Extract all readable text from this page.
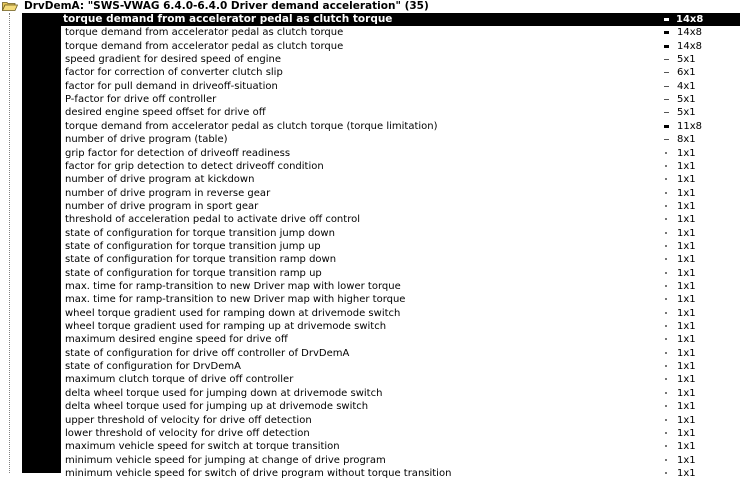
DrvDemA: "SWS-VWAG 6.4.0-6.4.0 Driver demand acceleration" (35)
torque demand from accelerator pedal as clutch torque	14x8
torque demand from accelerator pedal as clutch torque	14x8
torque demand from accelerator pedal as clutch torque	14x8
speed gradient for desired speed of engine	5x1
factor for correction of converter clutch slip	6x1
factor for pull demand in driveoff-situation	4x1
P-factor for drive off controller	5x1
desired engine speed offset for drive off	5x1
torque demand from accelerator pedal as clutch torque (torque limitation)	11x8
number of drive program (table)	8x1
grip factor for detection of driveoff readiness	1x1
factor for grip detection to detect driveoff condition	1x1
number of drive program at kickdown	1x1
number of drive program in reverse gear	1x1
number of drive program in sport gear	1x1
threshold of acceleration pedal to activate drive off control	1x1
state of configuration for torque transition jump down	1x1
state of configuration for torque transition jump up	1x1
state of configuration for torque transition ramp down	1x1
state of configuration for torque transition ramp up	1x1
max. time for ramp-transition to new Driver map with lower torque	1x1
max. time for ramp-transition to new Driver map with higher torque	1x1
wheel torque gradient used for ramping down at drivemode switch	1x1
wheel torque gradient used for ramping up at drivemode switch	1x1
maximum desired engine speed for drive off	1x1
state of configuration for drive off controller of DrvDemA	1x1
state of configuration for DrvDemA	1x1
maximum clutch torque of drive off controller	1x1
delta wheel torque used for jumping down at drivemode switch	1x1
delta wheel torque used for jumping up at drivemode switch	1x1
upper threshold of velocity for drive off detection	1x1
lower threshold of velocity for drive off detection	1x1
maximum vehicle speed for switch at torque transition	1x1
minimum vehicle speed for jumping at change of drive program	1x1
minimum vehicle speed for switch of drive program without torque transition	1x1
